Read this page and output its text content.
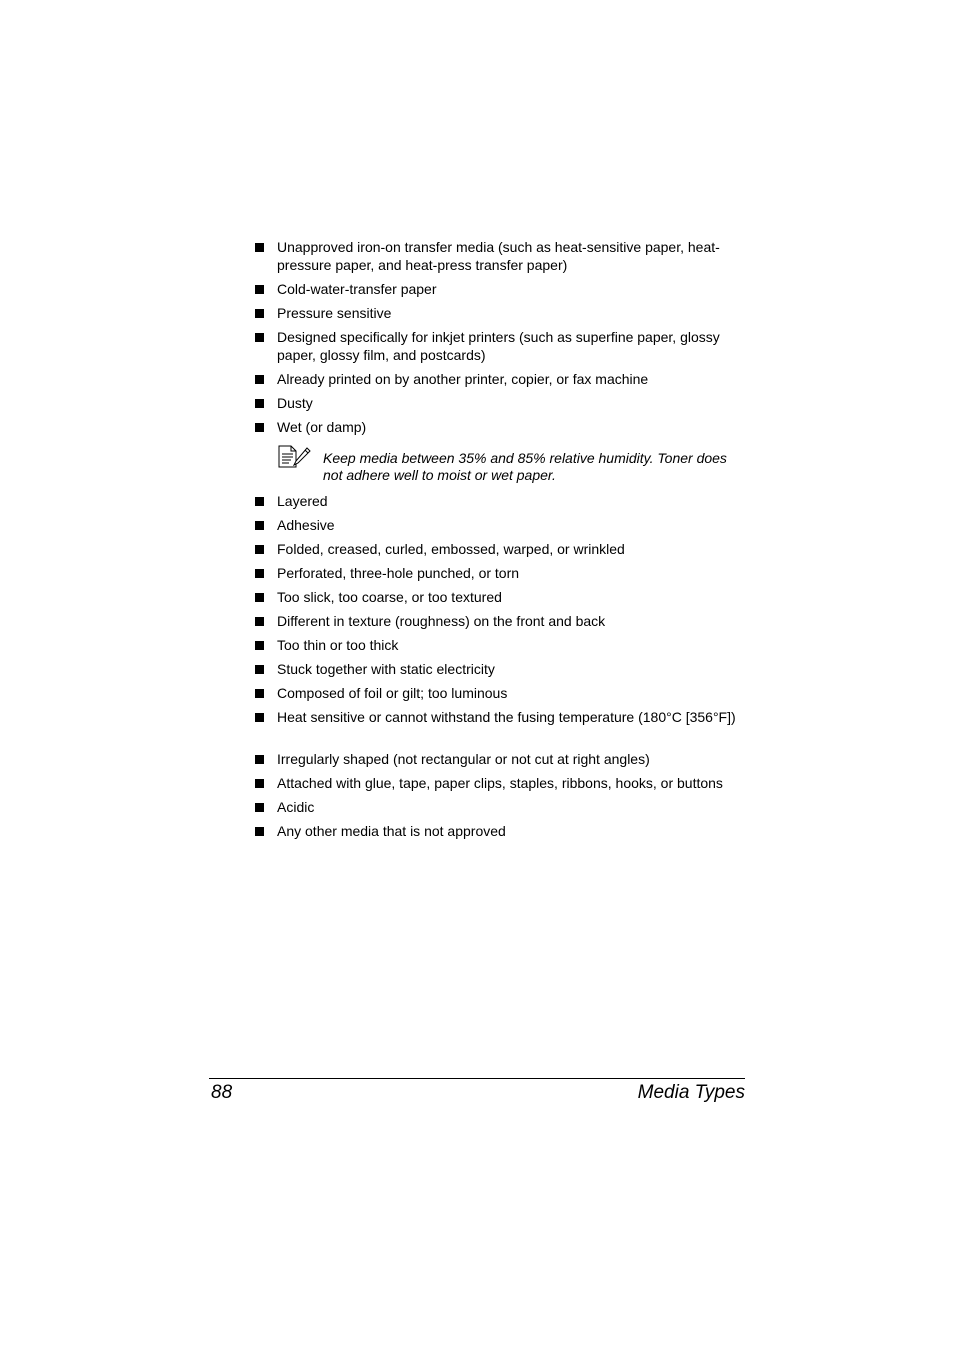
Unapproved iron-on transfer media (such as heat-sensitive paper, heat-pressure paper, and heat-press transfer paper)
Cold-water-transfer paper
Pressure sensitive
Designed specifically for inkjet printers (such as superfine paper, glossy paper, glossy film, and postcards)
Already printed on by another printer, copier, or fax machine
Dusty
Wet (or damp)
Layered
Adhesive
Folded, creased, curled, embossed, warped, or wrinkled
Perforated, three-hole punched, or torn
Too slick, too coarse, or too textured
Different in texture (roughness) on the front and back
Too thin or too thick
Stuck together with static electricity
Composed of foil or gilt; too luminous
Heat sensitive or cannot withstand the fusing temperature (180°C [356°F])
Irregularly shaped (not rectangular or not cut at right angles)
Attached with glue, tape, paper clips, staples, ribbons, hooks, or buttons
Acidic
Any other media that is not approved
Keep media between 35% and 85% relative humidity. Toner does not adhere well to moist or wet paper.
88	Media Types
